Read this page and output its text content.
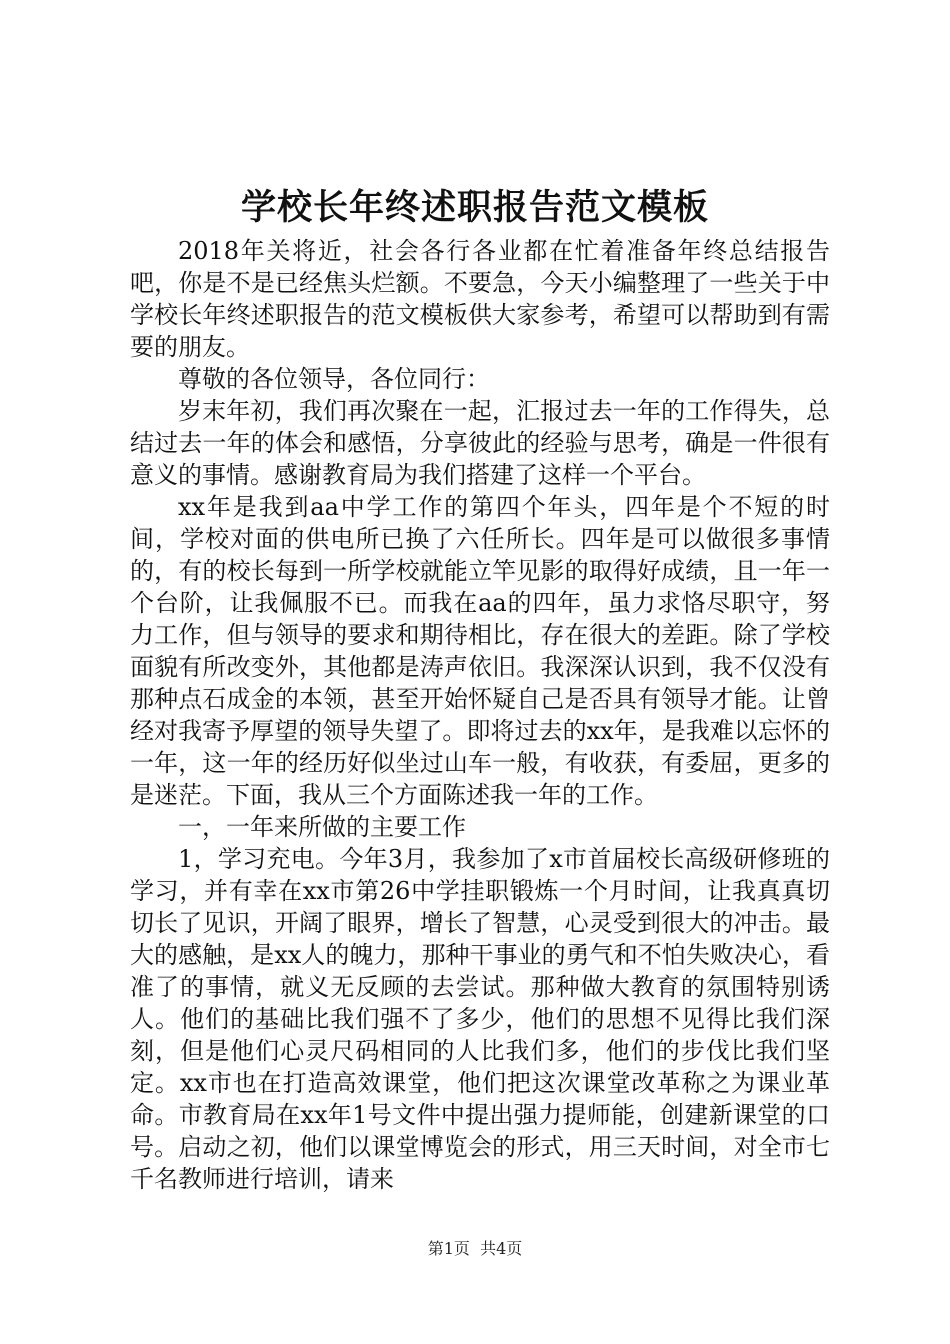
学校长年终述职报告范文模板

2018年关将近，社会各行各业都在忙着准备年终总结报告吧，你是不是已经焦头烂额。不要急，今天小编整理了一些关于中学校长年终述职报告的范文模板供大家参考，希望可以帮助到有需要的朋友。

尊敬的各位领导，各位同行：

岁末年初，我们再次聚在一起，汇报过去一年的工作得失，总结过去一年的体会和感悟，分享彼此的经验与思考，确是一件很有意义的事情。感谢教育局为我们搭建了这样一个平台。

xx年是我到aa中学工作的第四个年头，四年是个不短的时间，学校对面的供电所已换了六任所长。四年是可以做很多事情的，有的校长每到一所学校就能立竿见影的取得好成绩，且一年一个台阶，让我佩服不已。而我在aa的四年，虽力求恪尽职守，努力工作，但与领导的要求和期待相比，存在很大的差距。除了学校面貌有所改变外，其他都是涛声依旧。我深深认识到，我不仅没有那种点石成金的本领，甚至开始怀疑自己是否具有领导才能。让曾经对我寄予厚望的领导失望了。即将过去的xx年，是我难以忘怀的一年，这一年的经历好似坐过山车一般，有收获，有委屈，更多的是迷茫。下面，我从三个方面陈述我一年的工作。

一，一年来所做的主要工作

1，学习充电。今年3月，我参加了x市首届校长高级研修班的学习，并有幸在xx市第26中学挂职锻炼一个月时间，让我真真切切长了见识，开阔了眼界，增长了智慧，心灵受到很大的冲击。最大的感触，是xx人的魄力，那种干事业的勇气和不怕失败决心，看准了的事情，就义无反顾的去尝试。那种做大教育的氛围特别诱人。他们的基础比我们强不了多少，他们的思想不见得比我们深刻，但是他们心灵尺码相同的人比我们多，他们的步伐比我们坚定。xx市也在打造高效课堂，他们把这次课堂改革称之为课业革命。市教育局在xx年1号文件中提出强力提师能，创建新课堂的口号。启动之初，他们以课堂博览会的形式，用三天时间，对全市七千名教师进行培训，请来

第1页 共4页
